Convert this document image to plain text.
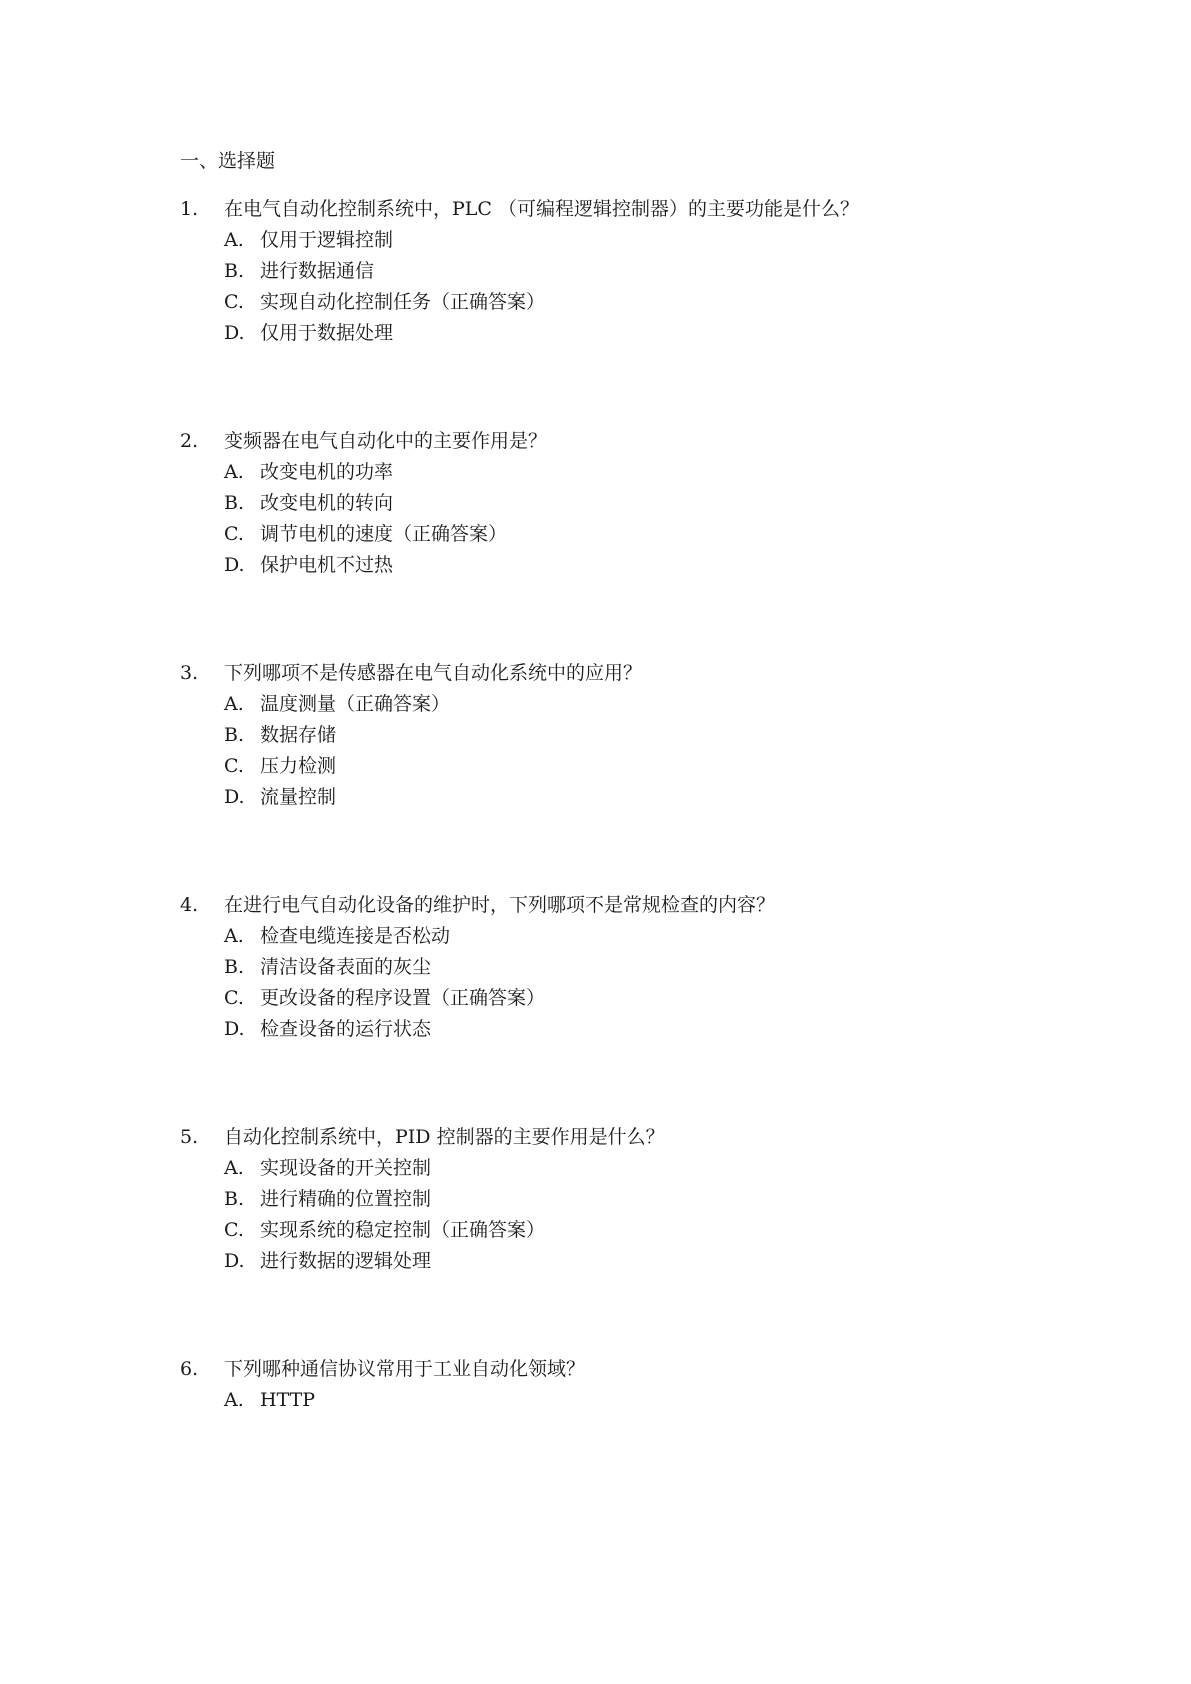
一、选择题
1.	在电气自动化控制系统中，PLC （可编程逻辑控制器）的主要功能是什么？
A. 仅用于逻辑控制
B. 进行数据通信
C. 实现自动化控制任务（正确答案）
D. 仅用于数据处理
2.	变频器在电气自动化中的主要作用是？
A. 改变电机的功率
B. 改变电机的转向
C. 调节电机的速度（正确答案）
D. 保护电机不过热
3.	下列哪项不是传感器在电气自动化系统中的应用？
A. 温度测量（正确答案）
B. 数据存储
C. 压力检测
D. 流量控制
4.	在进行电气自动化设备的维护时，下列哪项不是常规检查的内容？
A. 检查电缆连接是否松动
B. 清洁设备表面的灰尘
C. 更改设备的程序设置（正确答案）
D. 检查设备的运行状态
5.	自动化控制系统中，PID 控制器的主要作用是什么？
A. 实现设备的开关控制
B. 进行精确的位置控制
C. 实现系统的稳定控制（正确答案）
D. 进行数据的逻辑处理
6.	下列哪种通信协议常用于工业自动化领域？
A. HTTP
